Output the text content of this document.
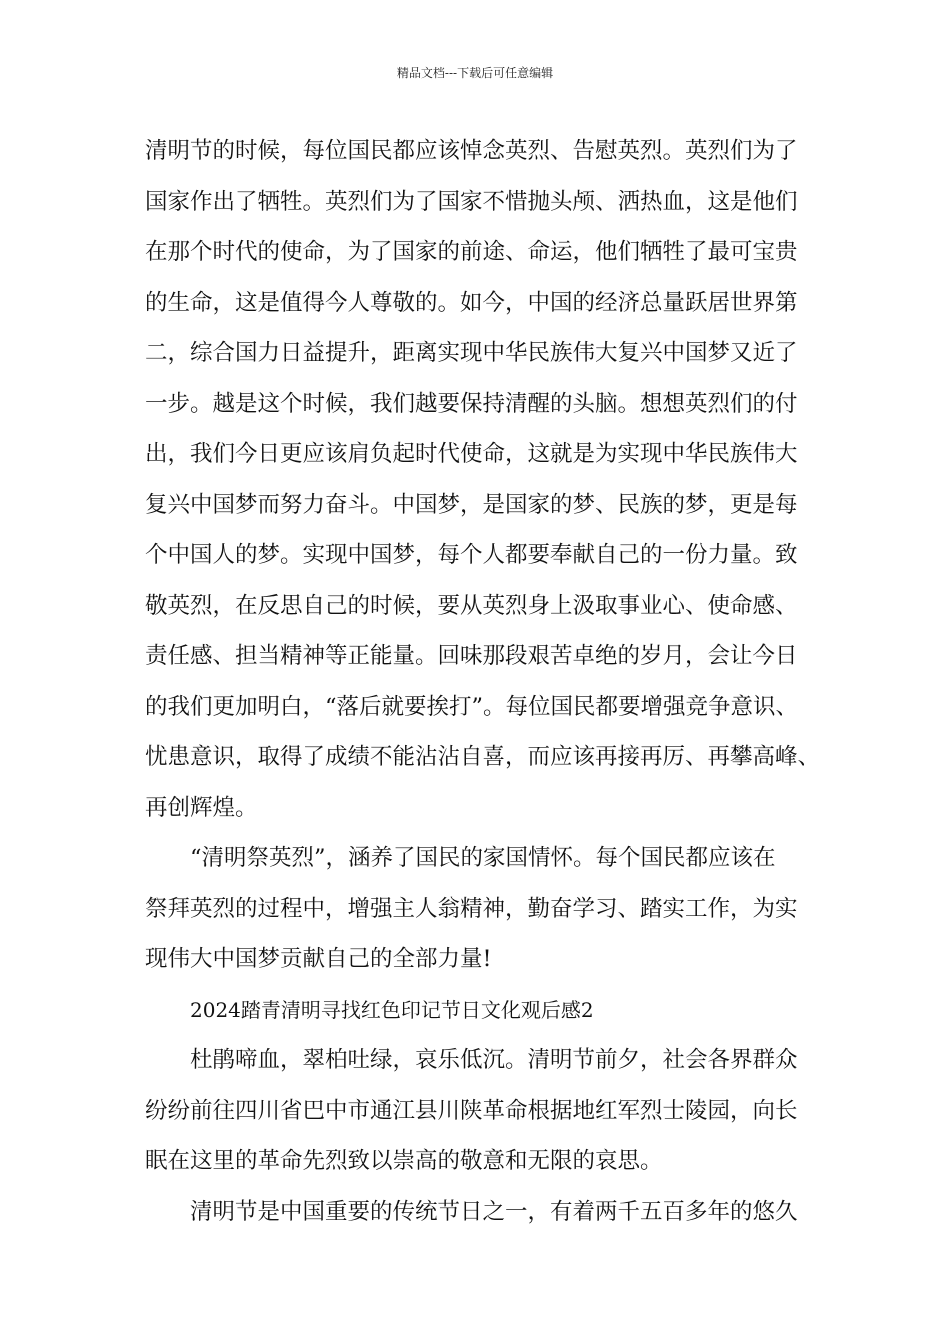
精品文档---下载后可任意编辑
清明节的时候，每位国民都应该悼念英烈、告慰英烈。英烈们为了
国家作出了牺牲。英烈们为了国家不惜抛头颅、洒热血，这是他们
在那个时代的使命，为了国家的前途、命运，他们牺牲了最可宝贵
的生命，这是值得今人尊敬的。如今，中国的经济总量跃居世界第
二，综合国力日益提升，距离实现中华民族伟大复兴中国梦又近了
一步。越是这个时候，我们越要保持清醒的头脑。想想英烈们的付
出，我们今日更应该肩负起时代使命，这就是为实现中华民族伟大
复兴中国梦而努力奋斗。中国梦，是国家的梦、民族的梦，更是每
个中国人的梦。实现中国梦，每个人都要奉献自己的一份力量。致
敬英烈，在反思自己的时候，要从英烈身上汲取事业心、使命感、
责任感、担当精神等正能量。回味那段艰苦卓绝的岁月，会让今日
的我们更加明白，“落后就要挨打”。每位国民都要增强竞争意识、
忧患意识，取得了成绩不能沾沾自喜，而应该再接再厉、再攀高峰、
再创辉煌。
“清明祭英烈”，涵养了国民的家国情怀。每个国民都应该在
祭拜英烈的过程中，增强主人翁精神，勤奋学习、踏实工作，为实
现伟大中国梦贡献自己的全部力量!
2024踏青清明寻找红色印记节日文化观后感2
杜鹃啼血，翠柏吐绿，哀乐低沉。清明节前夕，社会各界群众
纷纷前往四川省巴中市通江县川陕革命根据地红军烈士陵园，向长
眠在这里的革命先烈致以崇高的敬意和无限的哀思。
清明节是中国重要的传统节日之一，有着两千五百多年的悠久
